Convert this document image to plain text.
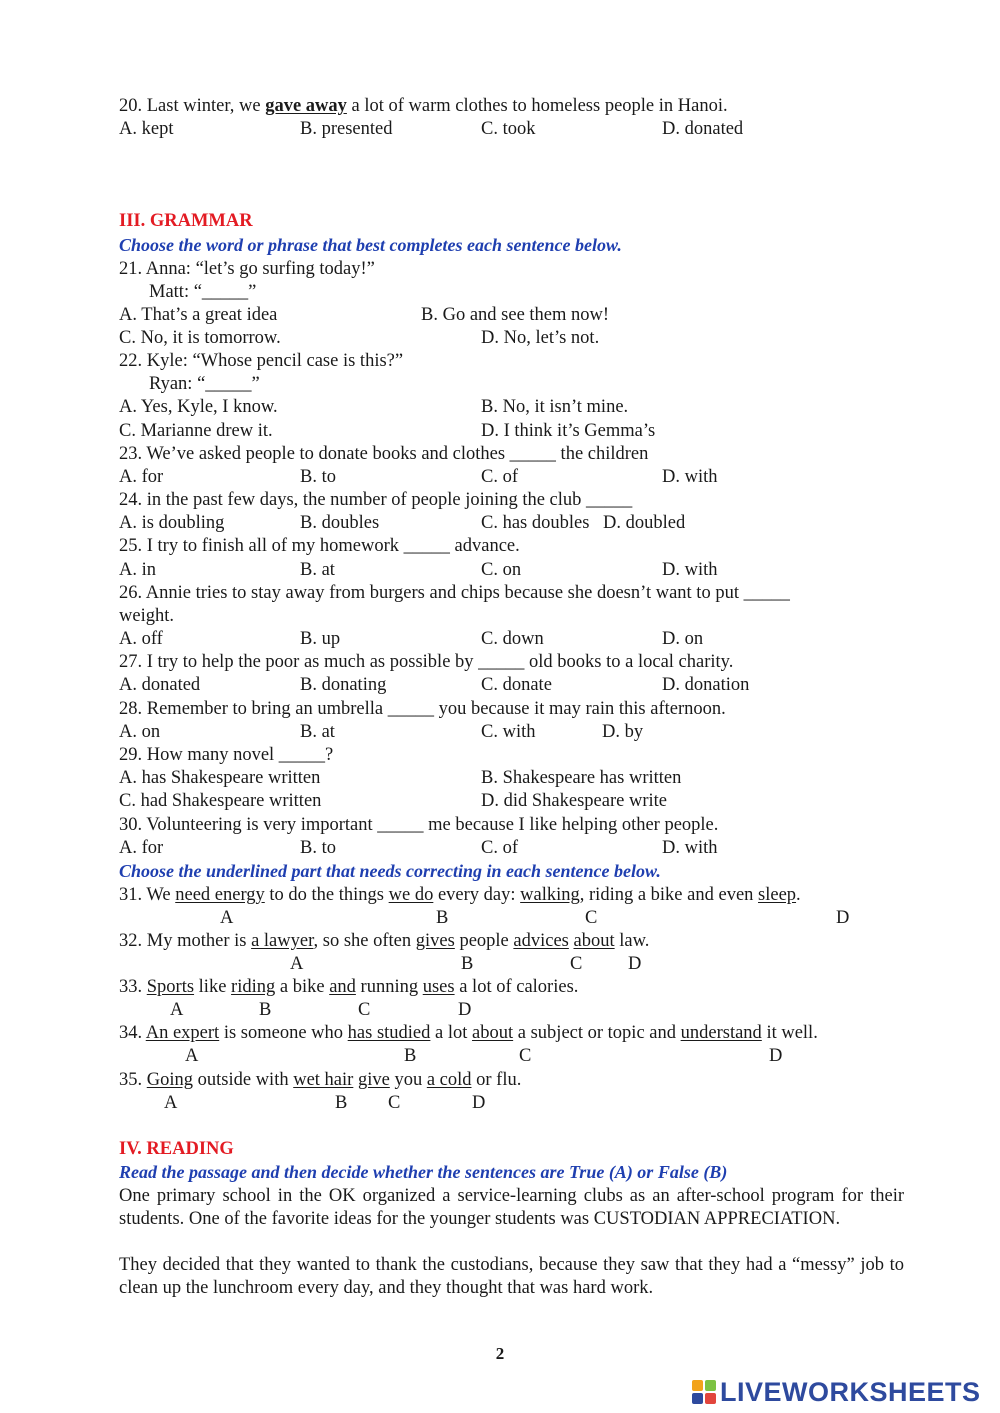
20. Last winter, we gave away a lot of warm clothes to homeless people in Hanoi.
A. kept	B. presented	C. took	D. donated
III. GRAMMAR
Choose the word or phrase that best completes each sentence below.
21. Anna: “let’s go surfing today!”
Matt: “_____”
A. That’s a great idea	B. Go and see them now!
C. No, it is tomorrow.	D. No, let’s not.
22. Kyle: “Whose pencil case is this?”
Ryan: “_____”
A. Yes, Kyle, I know.	B. No, it isn’t mine.
C. Marianne drew it.	D. I think it’s Gemma’s
23. We’ve asked people to donate books and clothes _____ the children
A. for	B. to	C. of	D. with
24. in the past few days, the number of people joining the club _____
A. is doubling	B. doubles	C. has doubles D. doubled
25. I try to finish all of my homework _____ advance.
A. in	B. at	C. on	D. with
26. Annie tries to stay away from burgers and chips because she doesn’t want to put _____
weight.
A. off	B. up	C. down	D. on
27. I try to help the poor as much as possible by _____ old books to a local charity.
A. donated	B. donating	C. donate	D. donation
28. Remember to bring an umbrella _____ you because it may rain this afternoon.
A. on	B. at	C. with	D. by
29. How many novel _____?
A. has Shakespeare written	B. Shakespeare has written
C. had Shakespeare written	D. did Shakespeare write
30. Volunteering is very important _____ me because I like helping other people.
A. for	B. to	C. of	D. with
Choose the underlined part that needs correcting in each sentence below.
31. We need energy to do the things we do every day: walking, riding a bike and even sleep.
A	B	C	D
32. My mother is a lawyer, so she often gives people advices about law.
A	B	C D
33. Sports like riding a bike and running uses a lot of calories.
A	B	C	D
34. An expert is someone who has studied a lot about a subject or topic and understand it well.
A	B	C	D
35. Going outside with wet hair give you a cold or flu.
A	B C	D
IV. READING
Read the passage and then decide whether the sentences are True (A) or False (B)
One primary school in the OK organized a service-learning clubs as an after-school program for their students. One of the favorite ideas for the younger students was CUSTODIAN APPRECIATION.
They decided that they wanted to thank the custodians, because they saw that they had a “messy” job to clean up the lunchroom every day, and they thought that was hard work.
2
LIVEWORKSHEETS
